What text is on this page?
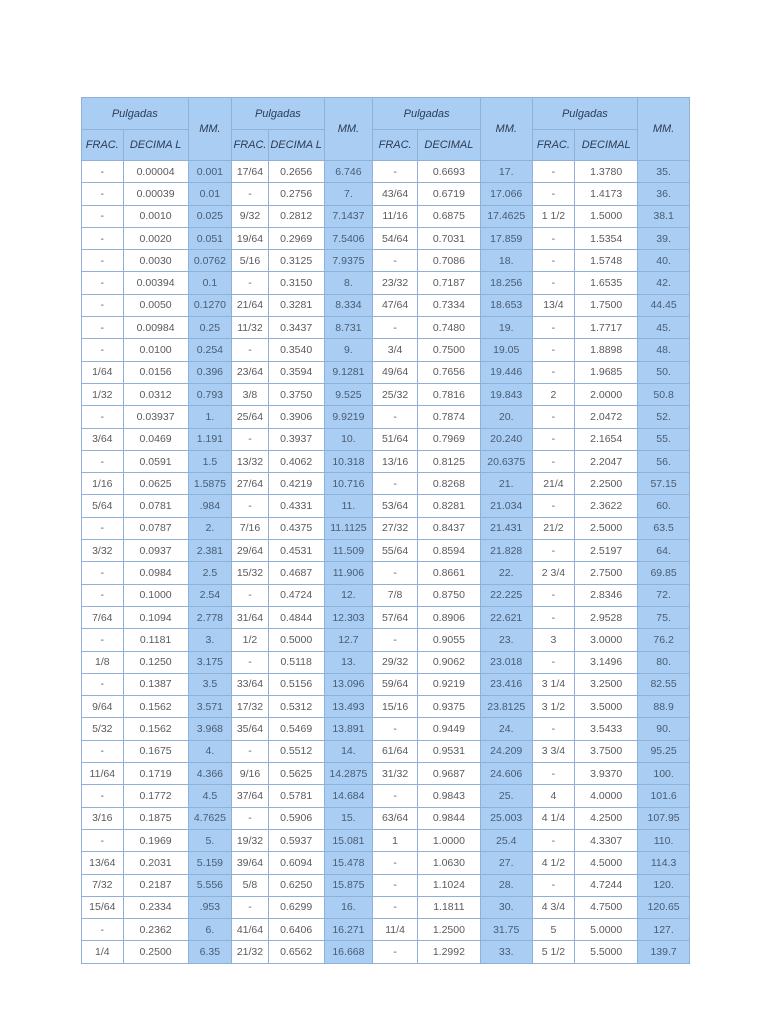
Pulgadas		MM.	Pulgadas		MM.	Pulgadas		MM.	Pulgadas		MM.
FRAC.	DECIMA L		FRAC.	DECIMA L		FRAC.	DECIMAL		FRAC.	DECIMAL	
-	0.00004	0.001	17/64	0.2656	6.746	-	0.6693	17.	-	1.3780	35.
-	0.00039	0.01	-	0.2756	7.	43/64	0.6719	17.066	-	1.4173	36.
-	0.0010	0.025	9/32	0.2812	7.1437	11/16	0.6875	17.4625	1 1/2	1.5000	38.1
-	0.0020	0.051	19/64	0.2969	7.5406	54/64	0.7031	17.859	-	1.5354	39.
-	0.0030	0.0762	5/16	0.3125	7.9375	-	0.7086	18.	-	1.5748	40.
-	0.00394	0.1	-	0.3150	8.	23/32	0.7187	18.256	-	1.6535	42.
-	0.0050	0.1270	21/64	0.3281	8.334	47/64	0.7334	18.653	13/4	1.7500	44.45
-	0.00984	0.25	11/32	0.3437	8.731	-	0.7480	19.	-	1.7717	45.
-	0.0100	0.254	-	0.3540	9.	3/4	0.7500	19.05	-	1.8898	48.
1/64	0.0156	0.396	23/64	0.3594	9.1281	49/64	0.7656	19.446	-	1.9685	50.
1/32	0.0312	0.793	3/8	0.3750	9.525	25/32	0.7816	19.843	2	2.0000	50.8
-	0.03937	1.	25/64	0.3906	9.9219	-	0.7874	20.	-	2.0472	52.
3/64	0.0469	1.191	-	0.3937	10.	51/64	0.7969	20.240	-	2.1654	55.
-	0.0591	1.5	13/32	0.4062	10.318	13/16	0.8125	20.6375	-	2.2047	56.
1/16	0.0625	1.5875	27/64	0.4219	10.716	-	0.8268	21.	21/4	2.2500	57.15
5/64	0.0781	.984	-	0.4331	11.	53/64	0.8281	21.034	-	2.3622	60.
-	0.0787	2.	7/16	0.4375	11.1125	27/32	0.8437	21.431	21/2	2.5000	63.5
3/32	0.0937	2.381	29/64	0.4531	11.509	55/64	0.8594	21.828	-	2.5197	64.
-	0.0984	2.5	15/32	0.4687	11.906	-	0.8661	22.	2 3/4	2.7500	69.85
-	0.1000	2.54	-	0.4724	12.	7/8	0.8750	22.225	-	2.8346	72.
7/64	0.1094	2.778	31/64	0.4844	12.303	57/64	0.8906	22.621	-	2.9528	75.
-	0.1181	3.	1/2	0.5000	12.7	-	0.9055	23.	3	3.0000	76.2
1/8	0.1250	3.175	-	0.5118	13.	29/32	0.9062	23.018	-	3.1496	80.
-	0.1387	3.5	33/64	0.5156	13.096	59/64	0.9219	23.416	3 1/4	3.2500	82.55
9/64	0.1562	3.571	17/32	0.5312	13.493	15/16	0.9375	23.8125	3 1/2	3.5000	88.9
5/32	0.1562	3.968	35/64	0.5469	13.891	-	0.9449	24.	-	3.5433	90.
-	0.1675	4.	-	0.5512	14.	61/64	0.9531	24.209	3 3/4	3.7500	95.25
11/64	0.1719	4.366	9/16	0.5625	14.2875	31/32	0.9687	24.606	-	3.9370	100.
-	0.1772	4.5	37/64	0.5781	14.684	-	0.9843	25.	4	4.0000	101.6
3/16	0.1875	4.7625	-	0.5906	15.	63/64	0.9844	25.003	4 1/4	4.2500	107.95
-	0.1969	5.	19/32	0.5937	15.081	1	1.0000	25.4	-	4.3307	110.
13/64	0.2031	5.159	39/64	0.6094	15.478	-	1.0630	27.	4 1/2	4.5000	114.3
7/32	0.2187	5.556	5/8	0.6250	15.875	-	1.1024	28.	-	4.7244	120.
15/64	0.2334	.953	-	0.6299	16.	-	1.1811	30.	4 3/4	4.7500	120.65
-	0.2362	6.	41/64	0.6406	16.271	11/4	1.2500	31.75	5	5.0000	127.
1/4	0.2500	6.35	21/32	0.6562	16.668	-	1.2992	33.	5 1/2	5.5000	139.7
